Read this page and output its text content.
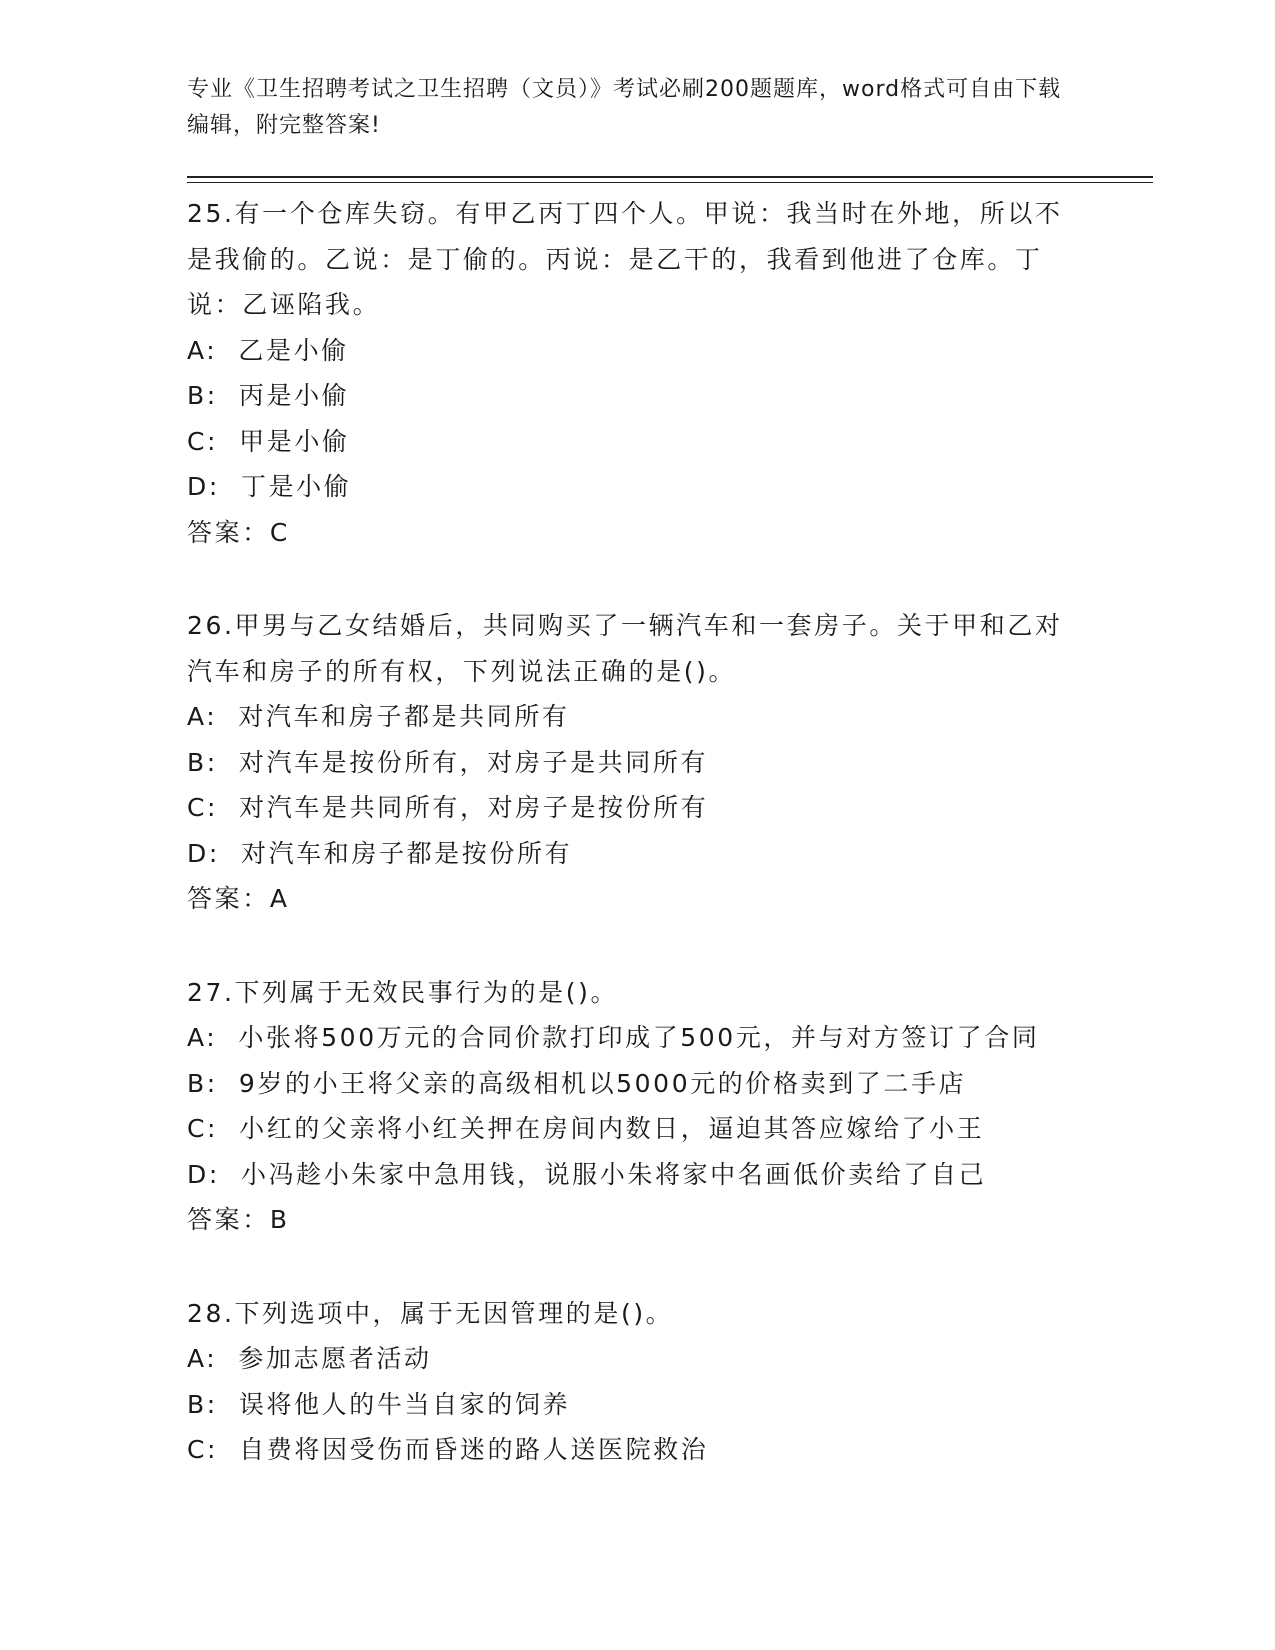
专业《卫生招聘考试之卫生招聘（文员）》考试必刷200题题库，word格式可自由下载编辑，附完整答案!
25.有一个仓库失窃。有甲乙丙丁四个人。甲说：我当时在外地，所以不是我偷的。乙说：是丁偷的。丙说：是乙干的，我看到他进了仓库。丁说：乙诬陷我。
A:  乙是小偷
B:  丙是小偷
C:  甲是小偷
D:  丁是小偷
答案：C
26.甲男与乙女结婚后，共同购买了一辆汽车和一套房子。关于甲和乙对汽车和房子的所有权，下列说法正确的是()。
A:  对汽车和房子都是共同所有
B:  对汽车是按份所有，对房子是共同所有
C:  对汽车是共同所有，对房子是按份所有
D:  对汽车和房子都是按份所有
答案：A
27.下列属于无效民事行为的是()。
A:  小张将500万元的合同价款打印成了500元，并与对方签订了合同
B:  9岁的小王将父亲的高级相机以5000元的价格卖到了二手店
C:  小红的父亲将小红关押在房间内数日，逼迫其答应嫁给了小王
D:  小冯趁小朱家中急用钱，说服小朱将家中名画低价卖给了自己
答案：B
28.下列选项中，属于无因管理的是()。
A:  参加志愿者活动
B:  误将他人的牛当自家的饲养
C:  自费将因受伤而昏迷的路人送医院救治
